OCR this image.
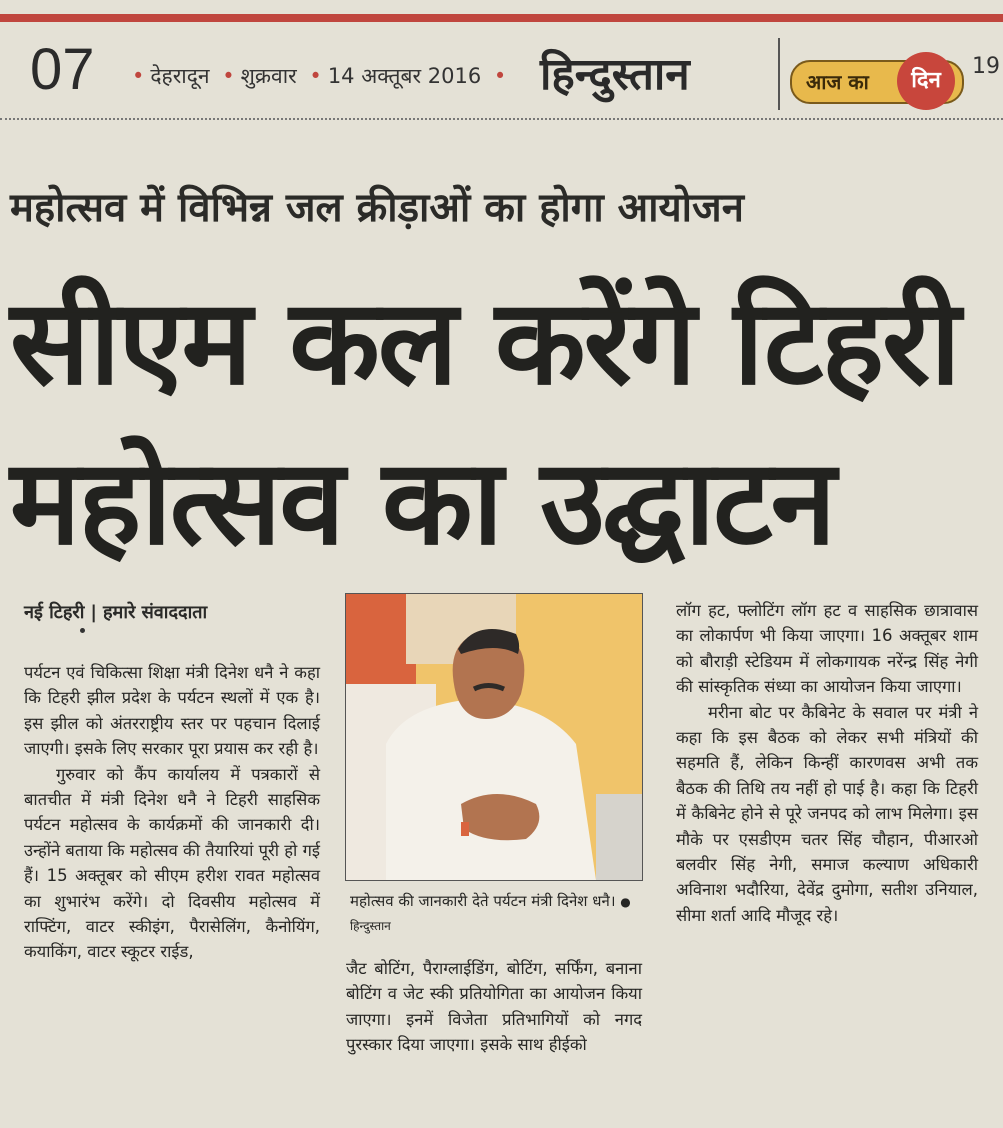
07 • देहरादून • शुक्रवार • 14 अक्तूबर 2016 • हिन्दुस्तान	आज का	दिन
19
महोत्सव में विभिन्न जल क्रीड़ाओं का होगा आयोजन
सीएम कल करेंगे टिहरी महोत्सव का उद्घाटन
नई टिहरी | हमारे संवाददाता

पर्यटन एवं चिकित्सा शिक्षा मंत्री दिनेश धनै ने कहा कि टिहरी झील प्रदेश के पर्यटन स्थलों में एक है। इस झील को अंतरराष्ट्रीय स्तर पर पहचान दिलाई जाएगी। इसके लिए सरकार पूरा प्रयास कर रही है।

गुरुवार को कैंप कार्यालय में पत्रकारों से बातचीत में मंत्री दिनेश धनै ने टिहरी साहसिक पर्यटन महोत्सव के कार्यक्रमों की जानकारी दी। उन्होंने बताया कि महोत्सव की तैयारियां पूरी हो गई हैं। 15 अक्तूबर को सीएम हरीश रावत महोत्सव का शुभारंभ करेंगे। दो दिवसीय महोत्सव में राफ्टिंग, वाटर स्कीइंग, पैरासेलिंग, कैनोयिंग, कयाकिंग, वाटर स्कूटर राईड,

महोत्सव की जानकारी देते पर्यटन मंत्री दिनेश धनै। ● हिन्दुस्तान

जैट बोटिंग, पैराग्लाईडिंग, बोटिंग, सर्फिंग, बनाना बोटिंग व जेट स्की प्रतियोगिता का आयोजन किया जाएगा। इनमें विजेता प्रतिभागियों को नगद पुरस्कार दिया जाएगा। इसके साथ हीईको

लॉग हट, फ्लोटिंग लॉग हट व साहसिक छात्रावास का लोकार्पण भी किया जाएगा। 16 अक्तूबर शाम को बौराड़ी स्टेडियम में लोकगायक नरेंन्द्र सिंह नेगी की सांस्कृतिक संध्या का आयोजन किया जाएगा।

मरीना बोट पर कैबिनेट के सवाल पर मंत्री ने कहा कि इस बैठक को लेकर सभी मंत्रियों की सहमति हैं, लेकिन किन्हीं कारणवस अभी तक बैठक की तिथि तय नहीं हो पाई है। कहा कि टिहरी में कैबिनेट होने से पूरे जनपद को लाभ मिलेगा। इस मौके पर एसडीएम चतर सिंह चौहान, पीआरओ बलवीर सिंह नेगी, समाज कल्याण अधिकारी अविनाश भदौरिया, देवेंद्र दुमोगा, सतीश उनियाल, सीमा शर्ता आदि मौजूद रहे।
